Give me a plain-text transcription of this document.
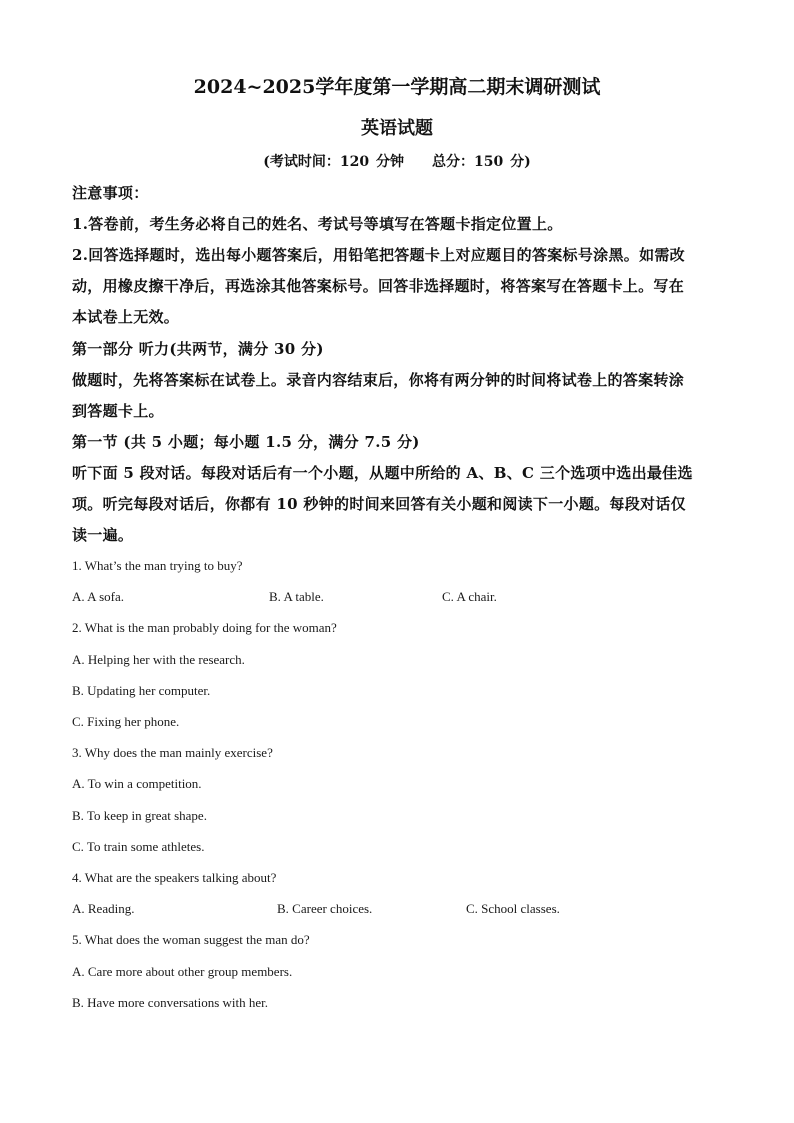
2024~2025学年度第一学期高二期末调研测试
英语试题
(考试时间：120 分钟　　总分：150 分)
注意事项：
1.答卷前，考生务必将自己的姓名、考试号等填写在答题卡指定位置上。
2.回答选择题时，选出每小题答案后，用铅笔把答题卡上对应题目的答案标号涂黑。如需改
动，用橡皮擦干净后，再选涂其他答案标号。回答非选择题时，将答案写在答题卡上。写在
本试卷上无效。
第一部分 听力(共两节，满分 30 分)
做题时，先将答案标在试卷上。录音内容结束后，你将有两分钟的时间将试卷上的答案转涂
到答题卡上。
第一节 (共 5 小题；每小题 1.5 分，满分 7.5 分)
听下面 5 段对话。每段对话后有一个小题，从题中所给的 A、B、C 三个选项中选出最佳选
项。听完每段对话后，你都有 10 秒钟的时间来回答有关小题和阅读下一小题。每段对话仅
读一遍。
1. What’s the man trying to buy?
A. A sofa.	B. A table.	C. A chair.
2. What is the man probably doing for the woman?
A. Helping her with the research.
B. Updating her computer.
C. Fixing her phone.
3. Why does the man mainly exercise?
A. To win a competition.
B. To keep in great shape.
C. To train some athletes.
4. What are the speakers talking about?
A. Reading.	B. Career choices.	C. School classes.
5. What does the woman suggest the man do?
A. Care more about other group members.
B. Have more conversations with her.
